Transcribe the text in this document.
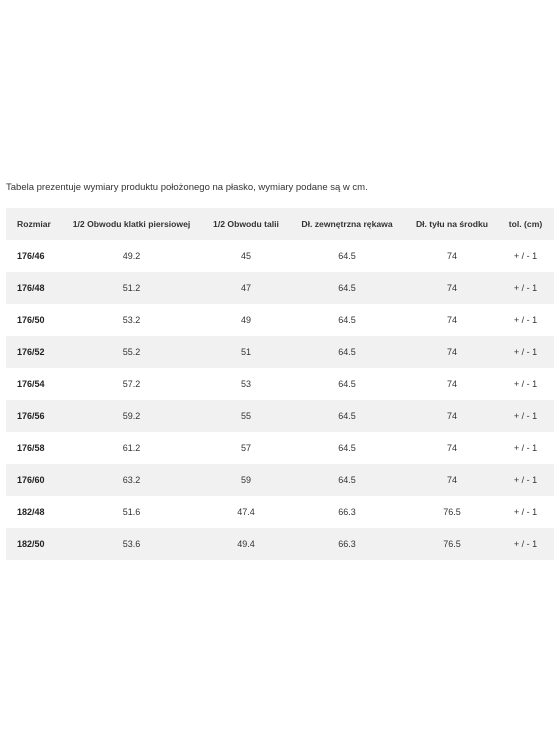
Tabela prezentuje wymiary produktu położonego na płasko, wymiary podane są w cm.
Rozmiar	1/2 Obwodu klatki piersiowej	1/2 Obwodu talii	Dł. zewnętrzna rękawa	Dł. tyłu na środku	tol. (cm)
176/46	49.2	45	64.5	74	+ / - 1
176/48	51.2	47	64.5	74	+ / - 1
176/50	53.2	49	64.5	74	+ / - 1
176/52	55.2	51	64.5	74	+ / - 1
176/54	57.2	53	64.5	74	+ / - 1
176/56	59.2	55	64.5	74	+ / - 1
176/58	61.2	57	64.5	74	+ / - 1
176/60	63.2	59	64.5	74	+ / - 1
182/48	51.6	47.4	66.3	76.5	+ / - 1
182/50	53.6	49.4	66.3	76.5	+ / - 1
